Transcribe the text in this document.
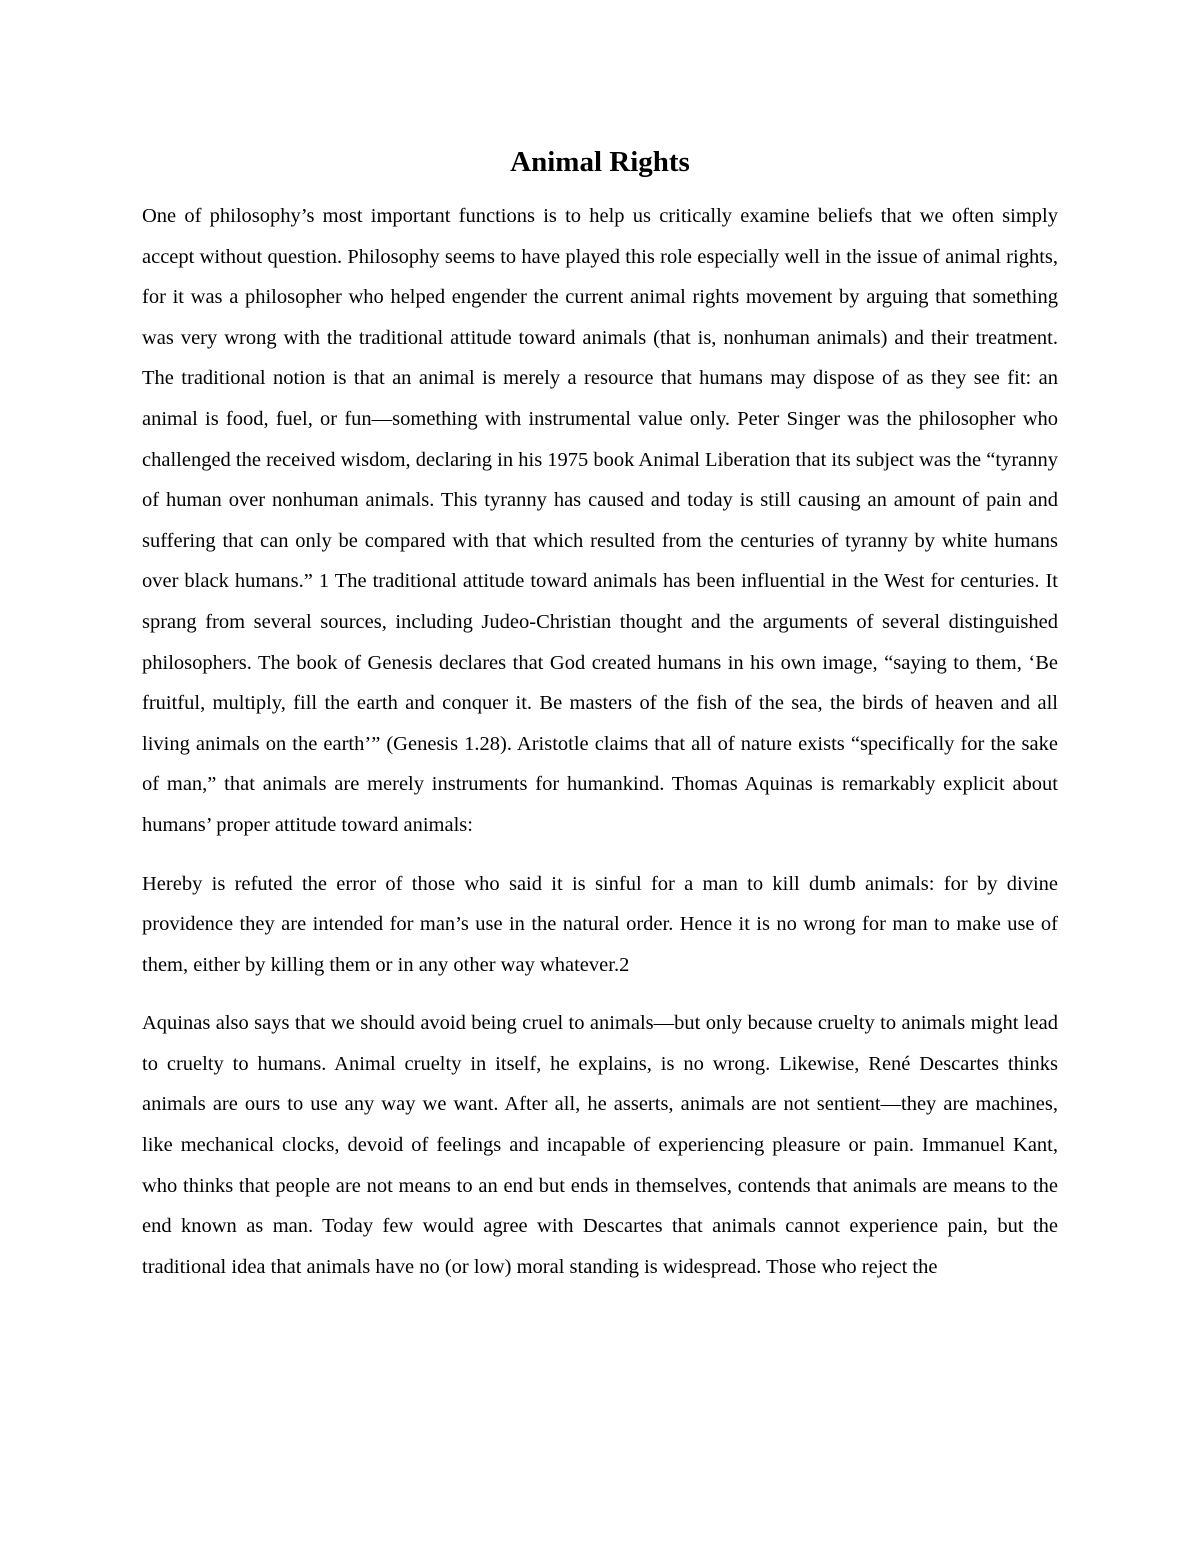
Animal Rights

One of philosophy’s most important functions is to help us critically examine beliefs that we often simply accept without question. Philosophy seems to have played this role especially well in the issue of animal rights, for it was a philosopher who helped engender the current animal rights movement by arguing that something was very wrong with the traditional attitude toward animals (that is, nonhuman animals) and their treatment. The traditional notion is that an animal is merely a resource that humans may dispose of as they see fit: an animal is food, fuel, or fun—something with instrumental value only. Peter Singer was the philosopher who challenged the received wisdom, declaring in his 1975 book Animal Liberation that its subject was the “tyranny of human over nonhuman animals. This tyranny has caused and today is still causing an amount of pain and suffering that can only be compared with that which resulted from the centuries of tyranny by white humans over black humans.” 1 The traditional attitude toward animals has been influential in the West for centuries. It sprang from several sources, including Judeo-Christian thought and the arguments of several distinguished philosophers. The book of Genesis declares that God created humans in his own image, “saying to them, ‘Be fruitful, multiply, fill the earth and conquer it. Be masters of the fish of the sea, the birds of heaven and all living animals on the earth’” (Genesis 1.28). Aristotle claims that all of nature exists “specifically for the sake of man,” that animals are merely instruments for humankind. Thomas Aquinas is remarkably explicit about humans’ proper attitude toward animals:

Hereby is refuted the error of those who said it is sinful for a man to kill dumb animals: for by divine providence they are intended for man’s use in the natural order. Hence it is no wrong for man to make use of them, either by killing them or in any other way whatever.2

Aquinas also says that we should avoid being cruel to animals—but only because cruelty to animals might lead to cruelty to humans. Animal cruelty in itself, he explains, is no wrong. Likewise, René Descartes thinks animals are ours to use any way we want. After all, he asserts, animals are not sentient—they are machines, like mechanical clocks, devoid of feelings and incapable of experiencing pleasure or pain. Immanuel Kant, who thinks that people are not means to an end but ends in themselves, contends that animals are means to the end known as man. Today few would agree with Descartes that animals cannot experience pain, but the traditional idea that animals have no (or low) moral standing is widespread. Those who reject the
